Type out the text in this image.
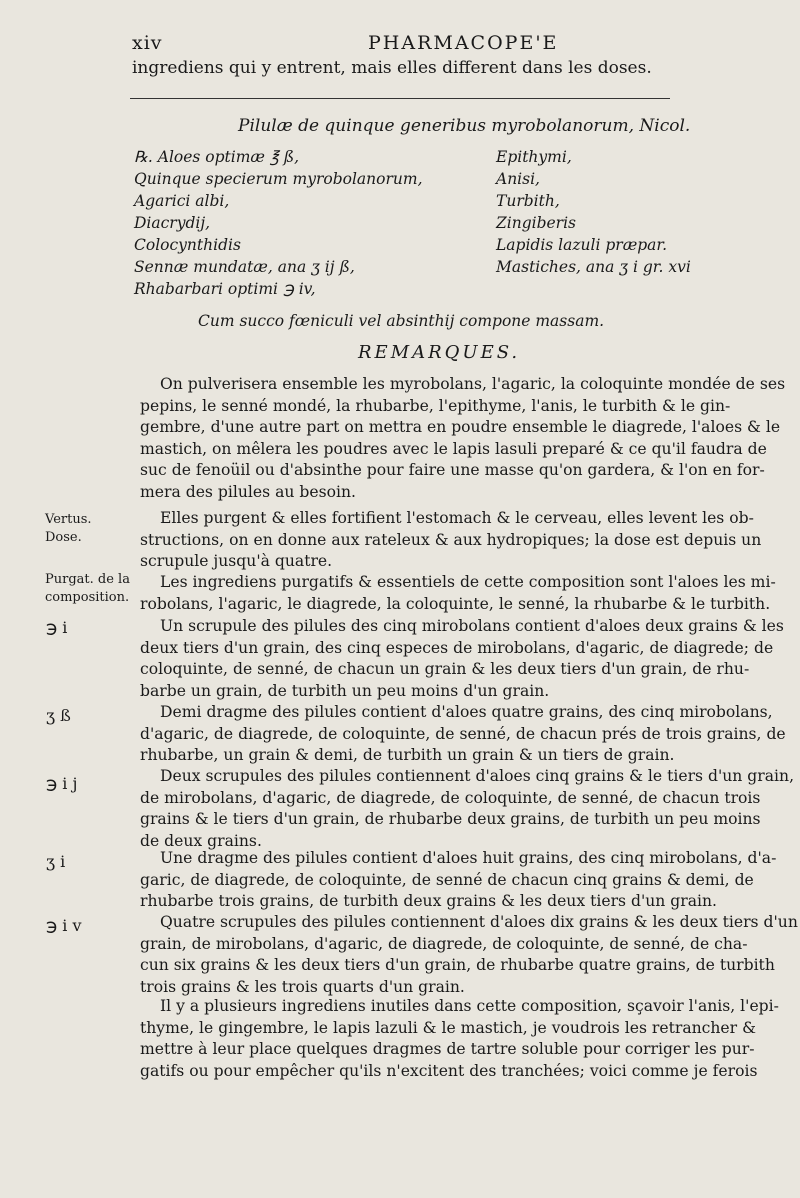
xiv	PHARMACOPE'E
ingrediens qui y entrent, mais elles different dans les doses.
Pilulæ de quinque generibus myrobolanorum, Nicol.
℞. Aloes optimæ ℥ ß,
Quinque specierum myrobolanorum,
Agarici albi,
Diacrydij,
Colocynthidis
Sennæ mundatæ, ana ʒ ij ß,
Rhabarbari optimi ℈ iv,
Epithymi,
Anisi,
Turbith,
Zingiberis
Lapidis lazuli præpar.
Mastiches, ana ʒ i gr. xvi
Cum succo fœniculi vel absinthij compone massam.
REMARQUES.
On pulverisera ensemble les myrobolans, l'agaric, la coloquinte mondée de ses
pepins, le senné mondé, la rhubarbe, l'epithyme, l'anis, le turbith & le gin-
gembre, d'une autre part on mettra en poudre ensemble le diagrede, l'aloes & le
mastich, on mêlera les poudres avec le lapis lasuli preparé & ce qu'il faudra de
suc de fenoüil ou d'absinthe pour faire une masse qu'on gardera, & l'on en for-
mera des pilules au besoin.
Elles purgent & elles fortifient l'estomach & le cerveau, elles levent les ob-
structions, on en donne aux rateleux & aux hydropiques; la dose est depuis un
scrupule jusqu'à quatre.
Les ingrediens purgatifs & essentiels de cette composition sont l'aloes les mi-
robolans, l'agaric, le diagrede, la coloquinte, le senné, la rhubarbe & le turbith.
Un scrupule des pilules des cinq mirobolans contient d'aloes deux grains & les
deux tiers d'un grain, des cinq especes de mirobolans, d'agaric, de diagrede; de
coloquinte, de senné, de chacun un grain & les deux tiers d'un grain, de rhu-
barbe un grain, de turbith un peu moins d'un grain.
Demi dragme des pilules contient d'aloes quatre grains, des cinq mirobolans,
d'agaric, de diagrede, de coloquinte, de senné, de chacun prés de trois grains, de
rhubarbe, un grain & demi, de turbith un grain & un tiers de grain.
Deux scrupules des pilules contiennent d'aloes cinq grains & le tiers d'un grain,
de mirobolans, d'agaric, de diagrede, de coloquinte, de senné, de chacun trois
grains & le tiers d'un grain, de rhubarbe deux grains, de turbith un peu moins
de deux grains.
Une dragme des pilules contient d'aloes huit grains, des cinq mirobolans, d'a-
garic, de diagrede, de coloquinte, de senné de chacun cinq grains & demi, de
rhubarbe trois grains, de turbith deux grains & les deux tiers d'un grain.
Quatre scrupules des pilules contiennent d'aloes dix grains & les deux tiers d'un
grain, de mirobolans, d'agaric, de diagrede, de coloquinte, de senné, de cha-
cun six grains & les deux tiers d'un grain, de rhubarbe quatre grains, de turbith
trois grains & les trois quarts d'un grain.
Il y a plusieurs ingrediens inutiles dans cette composition, sçavoir l'anis, l'epi-
thyme, le gingembre, le lapis lazuli & le mastich, je voudrois les retrancher &
mettre à leur place quelques dragmes de tartre soluble pour corriger les pur-
gatifs ou pour empêcher qu'ils n'excitent des tranchées; voici comme je ferois
Vertus.
Dose.
Purgat. de la
composition.
℈ i
ʒ ß
℈ i j
ʒ i
℈ i v
